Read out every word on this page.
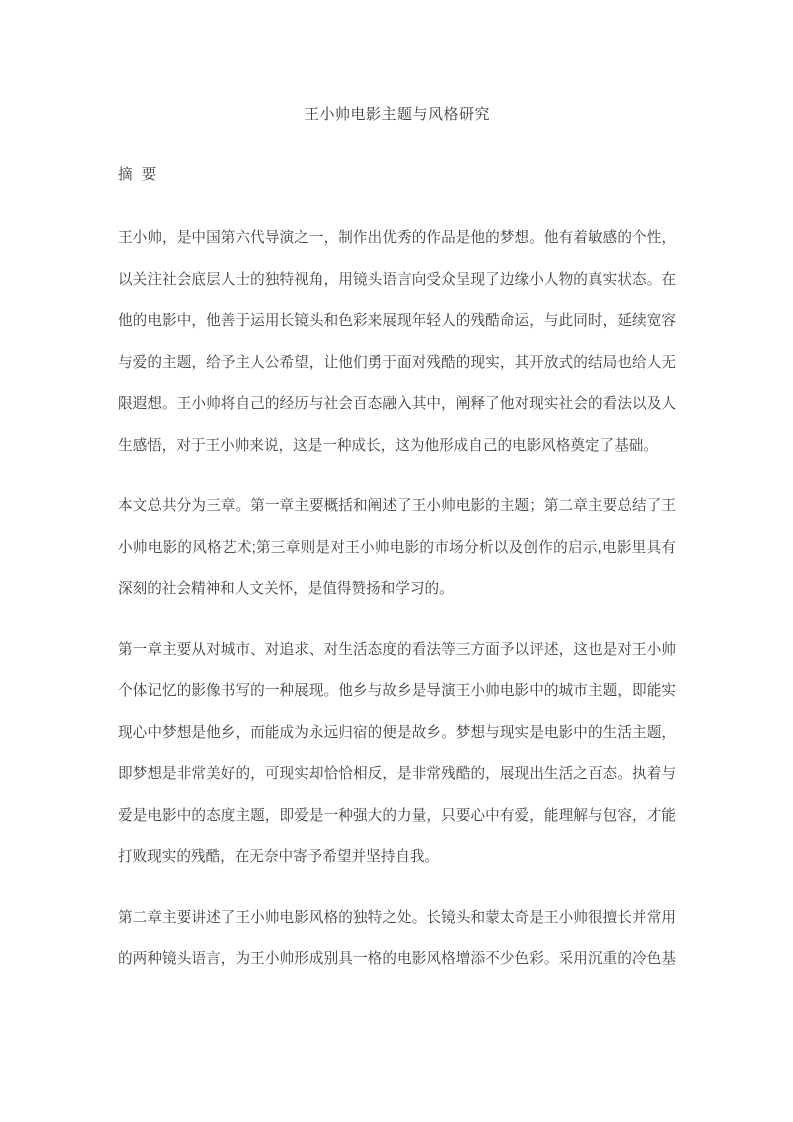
王小帅电影主题与风格研究
摘 要
王小帅，是中国第六代导演之一，制作出优秀的作品是他的梦想。他有着敏感的个性，
以关注社会底层人士的独特视角，用镜头语言向受众呈现了边缘小人物的真实状态。在
他的电影中，他善于运用长镜头和色彩来展现年轻人的残酷命运，与此同时，延续宽容
与爱的主题，给予主人公希望，让他们勇于面对残酷的现实，其开放式的结局也给人无
限遐想。王小帅将自己的经历与社会百态融入其中，阐释了他对现实社会的看法以及人
生感悟，对于王小帅来说，这是一种成长，这为他形成自己的电影风格奠定了基础。
本文总共分为三章。第一章主要概括和阐述了王小帅电影的主题；第二章主要总结了王
小帅电影的风格艺术;第三章则是对王小帅电影的市场分析以及创作的启示,电影里具有
深刻的社会精神和人文关怀，是值得赞扬和学习的。
第一章主要从对城市、对追求、对生活态度的看法等三方面予以评述，这也是对王小帅
个体记忆的影像书写的一种展现。他乡与故乡是导演王小帅电影中的城市主题，即能实
现心中梦想是他乡，而能成为永远归宿的便是故乡。梦想与现实是电影中的生活主题，
即梦想是非常美好的，可现实却恰恰相反，是非常残酷的，展现出生活之百态。执着与
爱是电影中的态度主题，即爱是一种强大的力量，只要心中有爱，能理解与包容，才能
打败现实的残酷，在无奈中寄予希望并坚持自我。
第二章主要讲述了王小帅电影风格的独特之处。长镜头和蒙太奇是王小帅很擅长并常用
的两种镜头语言，为王小帅形成别具一格的电影风格增添不少色彩。采用沉重的冷色基
